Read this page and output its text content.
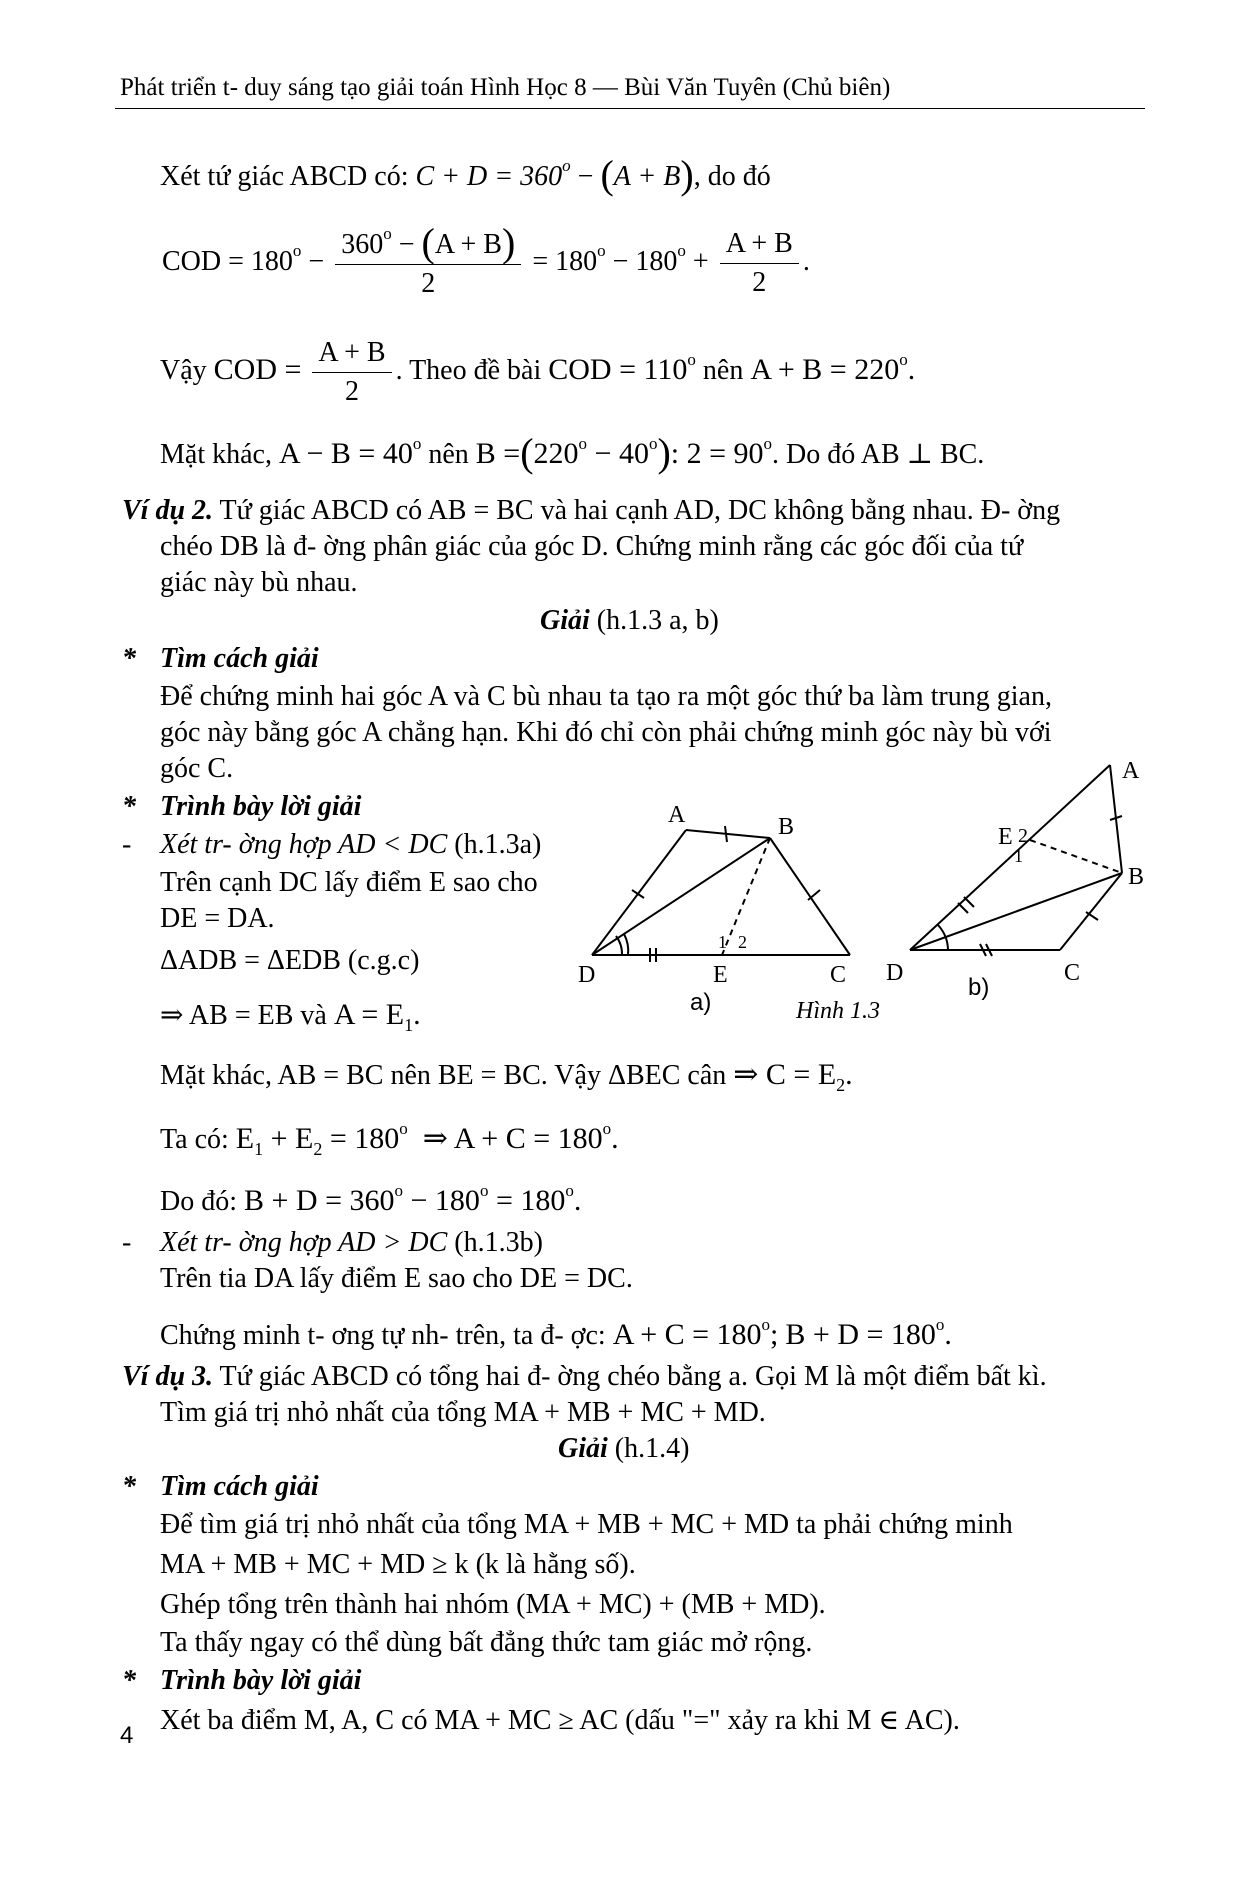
Phát triển t- duy sáng tạo giải toán Hình Học 8 — Bùi Văn Tuyên (Chủ biên)
Xét tứ giác ABCD có: $C + D = 360^o - (A + B)$, do đó
COD = $180^o - \frac{360^o - (A + B)}{2} = 180^o - 180^o + \frac{A + B}{2}$ .
Vậy COD = $\frac{A + B}{2}$ . Theo đề bài COD = $110^o$ nên $A + B = 220^o$.
Mặt khác, $A - B = 40^o$ nên $B =(220^o - 40^o)$: $2 = 90^o$. Do đó AB ⊥ BC.
Ví dụ 2. Tứ giác ABCD có AB = BC và hai cạnh AD, DC không bằng nhau. Đ- ờng
chéo DB là đ- ờng phân giác của góc D. Chứng minh rằng các góc đối của tứ
giác này bù nhau.
Giải (h.1.3 a, b)
* Tìm cách giải
Để chứng minh hai góc A và C bù nhau ta tạo ra một góc thứ ba làm trung gian,
góc này bằng góc A chẳng hạn. Khi đó chỉ còn phải chứng minh góc này bù với
góc C.
* Trình bày lời giải
- Xét tr- ờng hợp AD < DC (h.1.3a)
Trên cạnh DC lấy điểm E sao cho
DE = DA.
ΔADB = ΔEDB (c.g.c)
⇒ AB = EB và $A = E_1$.
A	B
C
D	E
1 2
a)
A
B
C
D
E 2
1
b)
Hình 1.3
Mặt khác, AB = BC nên BE = BC. Vậy ΔBEC cân ⇒ $C = E_2$.
Ta có: $E_1 + E_2 = 180^o$ ⇒ $A + C = 180^o$.
Do đó: $B + D = 360^o - 180^o = 180^o$.
- Xét tr- ờng hợp AD > DC (h.1.3b)
Trên tia DA lấy điểm E sao cho DE = DC.
Chứng minh t- ơng tự nh- trên, ta đ- ợc: $A + C = 180^o$; $B + D = 180^o$.
Ví dụ 3. Tứ giác ABCD có tổng hai đ- ờng chéo bằng a. Gọi M là một điểm bất kì.
Tìm giá trị nhỏ nhất của tổng MA + MB + MC + MD.
Giải (h.1.4)
* Tìm cách giải
Để tìm giá trị nhỏ nhất của tổng MA + MB + MC + MD ta phải chứng minh
MA + MB + MC + MD ≥ k (k là hằng số).
Ghép tổng trên thành hai nhóm (MA + MC) + (MB + MD).
Ta thấy ngay có thể dùng bất đẳng thức tam giác mở rộng.
* Trình bày lời giải
Xét ba điểm M, A, C có MA + MC ≥ AC (dấu "=" xảy ra khi M ∈ AC).
4
